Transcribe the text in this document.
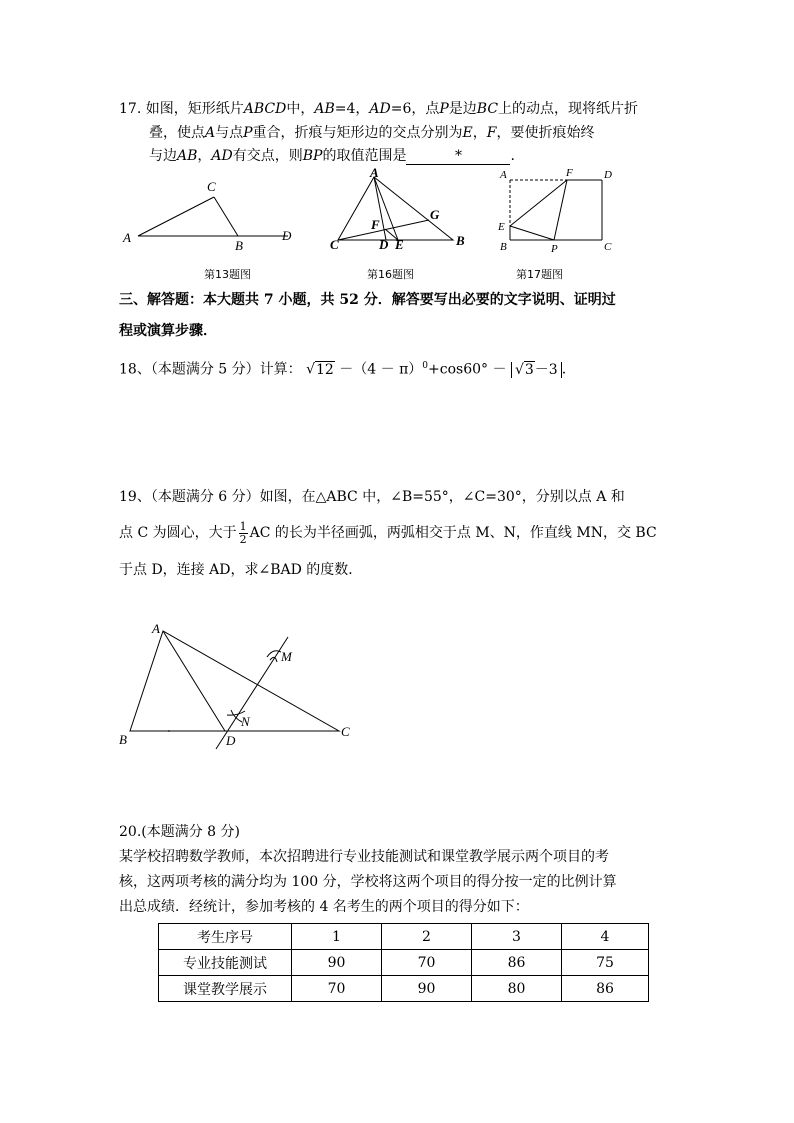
17. 如图，矩形纸片ABCD中，AB=4，AD=6，点P是边BC上的动点，现将纸片折
叠，使点A与点P重合，折痕与矩形边的交点分别为E，F，要使折痕始终
与边AB，AD有交点，则BP的取值范围是	*	.
C
A
B
D
第13题图
A
F
G
C	D E	B
第16题图
A	F	D
E
B	P	C
第17题图
三、解答题：本大题共 7 小题，共 52 分．解答要写出必要的文字说明、证明过
程或演算步骤．
18、（本题满分 5 分）计算： $√12 -(4 - \pi)^0+\cos 60^\circ - √3-3$ .
19、（本题满分 6 分）如图，在△ABC 中，∠B=55°，∠C=30°，分别以点 A 和
点 C 为圆心，大于 $\frac{1}{2}$ AC 的长为半径画弧，两弧相交于点 M、N，作直线 MN，交 BC
于点 D，连接 AD，求∠BAD 的度数．
A
M
N
B	D
C
20.(本题满分 8 分)
某学校招聘数学教师，本次招聘进行专业技能测试和课堂教学展示两个项目的考
核，这两项考核的满分均为 100 分，学校将这两个项目的得分按一定的比例计算
出总成绩．经统计，参加考核的 4 名考生的两个项目的得分如下：
考生序号	1	2	3	4
专业技能测试	90	70	86	75
课堂教学展示	70	90	80	86
